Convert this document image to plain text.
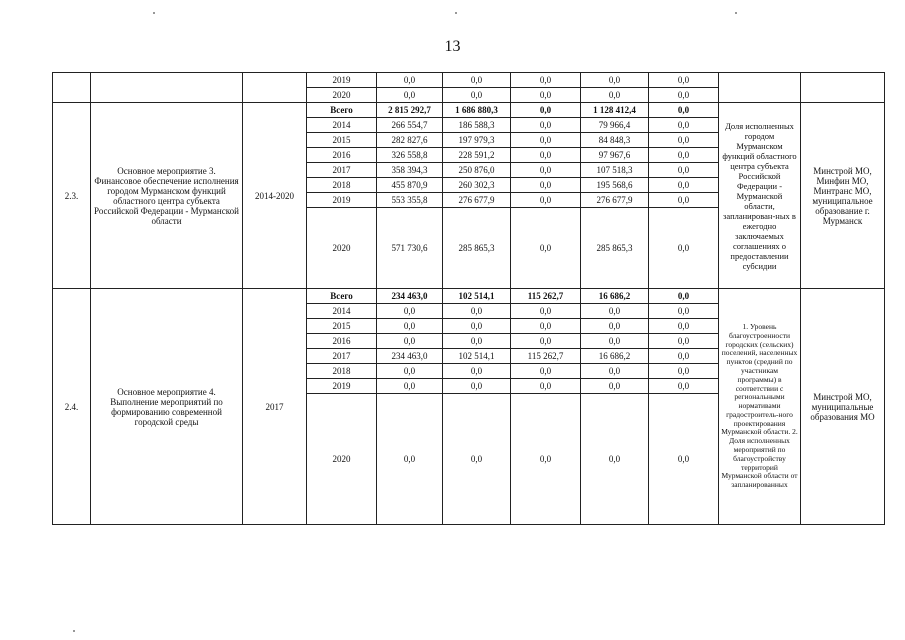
13
			2019	0,0	0,0	0,0	0,0	0,0		
			2020	0,0	0,0	0,0	0,0	0,0		
2.3.	Основное мероприятие 3. Финансовое обеспечение исполнения городом Мурманском функций областного центра субъекта Российской Федерации - Мурманской области	2014-2020	Всего	2 815 292,7	1 686 880,3	0,0	1 128 412,4	0,0	Доля исполненных городом Мурманском функций областного центра субъекта Российской Федерации - Мурманской области, запланирован-ных в ежегодно заключаемых соглашениях о предоставлении субсидии	Минстрой МО, Минфин МО, Минтранс МО, муниципальное образование г. Мурманск
			2014	266 554,7	186 588,3	0,0	79 966,4	0,0		
			2015	282 827,6	197 979,3	0,0	84 848,3	0,0		
			2016	326 558,8	228 591,2	0,0	97 967,6	0,0		
			2017	358 394,3	250 876,0	0,0	107 518,3	0,0		
			2018	455 870,9	260 302,3	0,0	195 568,6	0,0		
			2019	553 355,8	276 677,9	0,0	276 677,9	0,0		
			2020	571 730,6	285 865,3	0,0	285 865,3	0,0		
2.4.	Основное мероприятие 4. Выполнение мероприятий по формированию современной городской среды	2017	Всего	234 463,0	102 514,1	115 262,7	16 686,2	0,0	1. Уровень благоустроенности городских (сельских) поселений, населенных пунктов (средний по участникам программы) в соответствии с региональными нормативами градостроитель-ного проектирования Мурманской области. 2. Доля исполненных мероприятий по благоустройству территорий Мурманской области от запланированных	Минстрой МО, муниципальные образования МО
			2014	0,0	0,0	0,0	0,0	0,0		
			2015	0,0	0,0	0,0	0,0	0,0		
			2016	0,0	0,0	0,0	0,0	0,0		
			2017	234 463,0	102 514,1	115 262,7	16 686,2	0,0		
			2018	0,0	0,0	0,0	0,0	0,0		
			2019	0,0	0,0	0,0	0,0	0,0		
			2020	0,0	0,0	0,0	0,0	0,0		
